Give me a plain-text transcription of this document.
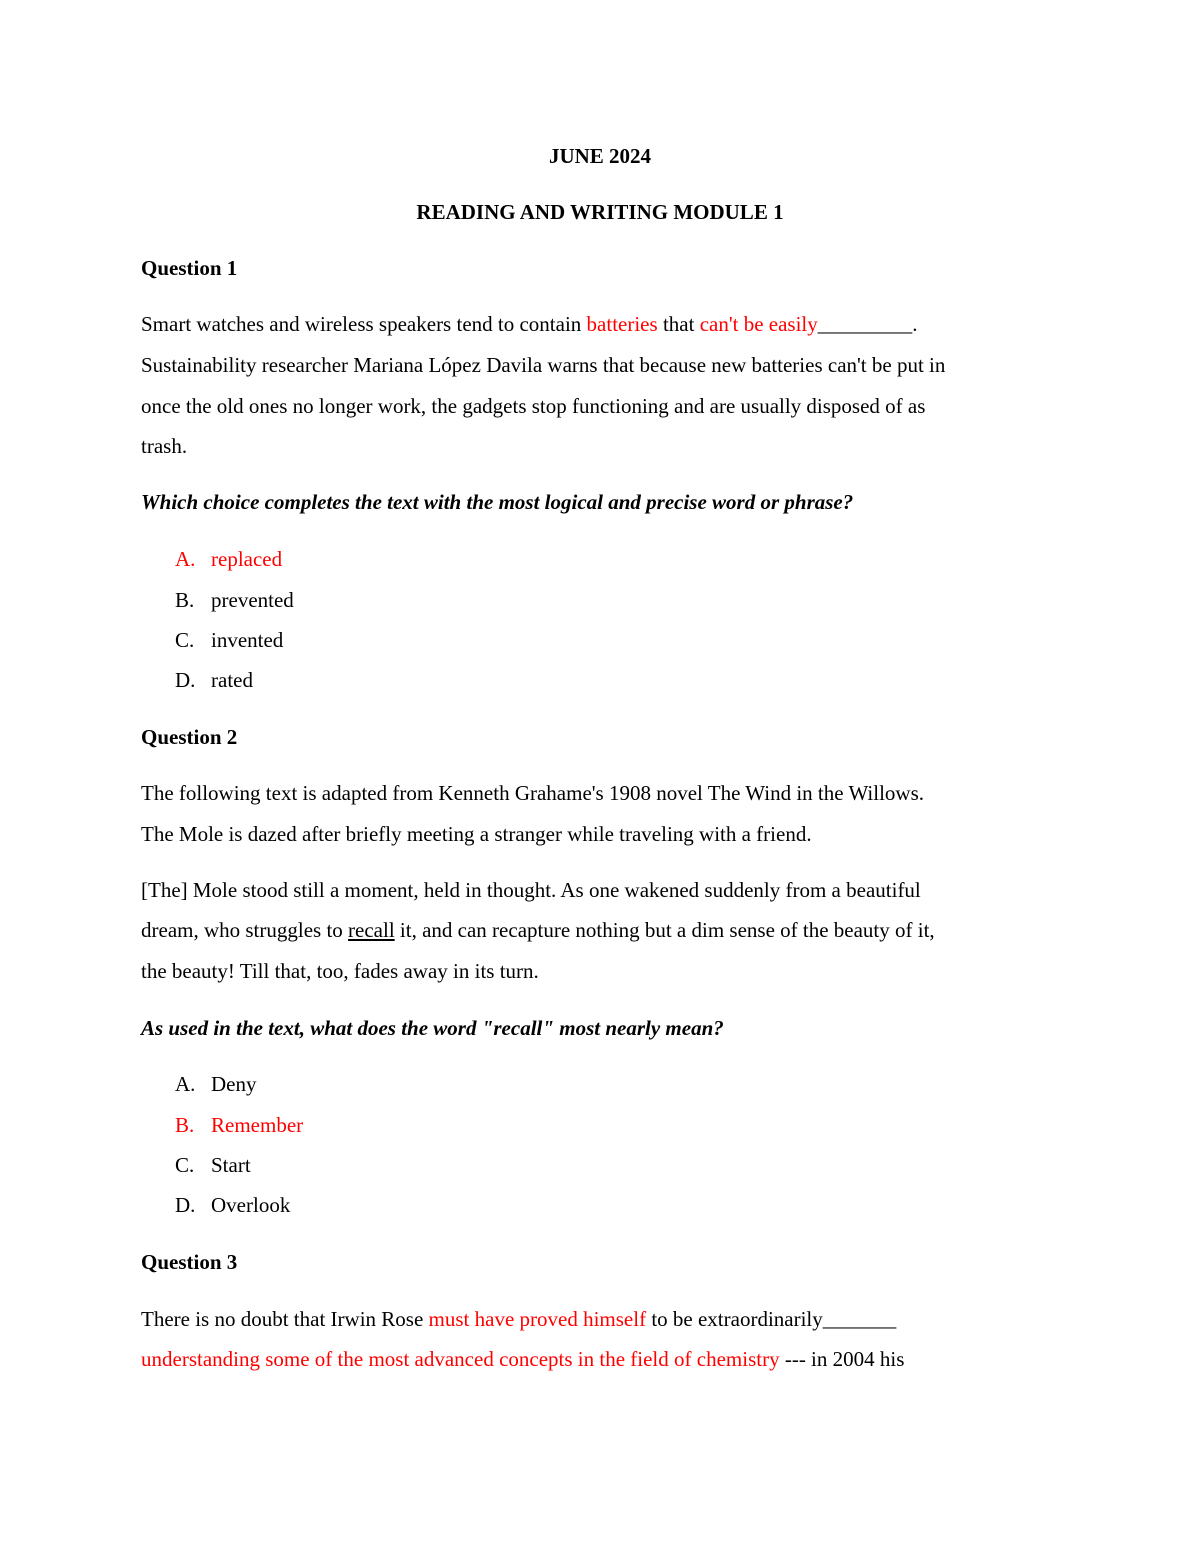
JUNE 2024
READING AND WRITING MODULE 1
Question 1
Smart watches and wireless speakers tend to contain batteries that can't be easily_________.
Sustainability researcher Mariana López Davila warns that because new batteries can't be put in
once the old ones no longer work, the gadgets stop functioning and are usually disposed of as
trash.
Which choice completes the text with the most logical and precise word or phrase?
A. replaced
B. prevented
C. invented
D. rated
Question 2
The following text is adapted from Kenneth Grahame's 1908 novel The Wind in the Willows.
The Mole is dazed after briefly meeting a stranger while traveling with a friend.
[The] Mole stood still a moment, held in thought. As one wakened suddenly from a beautiful
dream, who struggles to recall it, and can recapture nothing but a dim sense of the beauty of it,
the beauty! Till that, too, fades away in its turn.
As used in the text, what does the word "recall" most nearly mean?
A. Deny
B. Remember
C. Start
D. Overlook
Question 3
There is no doubt that Irwin Rose must have proved himself to be extraordinarily_______
understanding some of the most advanced concepts in the field of chemistry --- in 2004 his
